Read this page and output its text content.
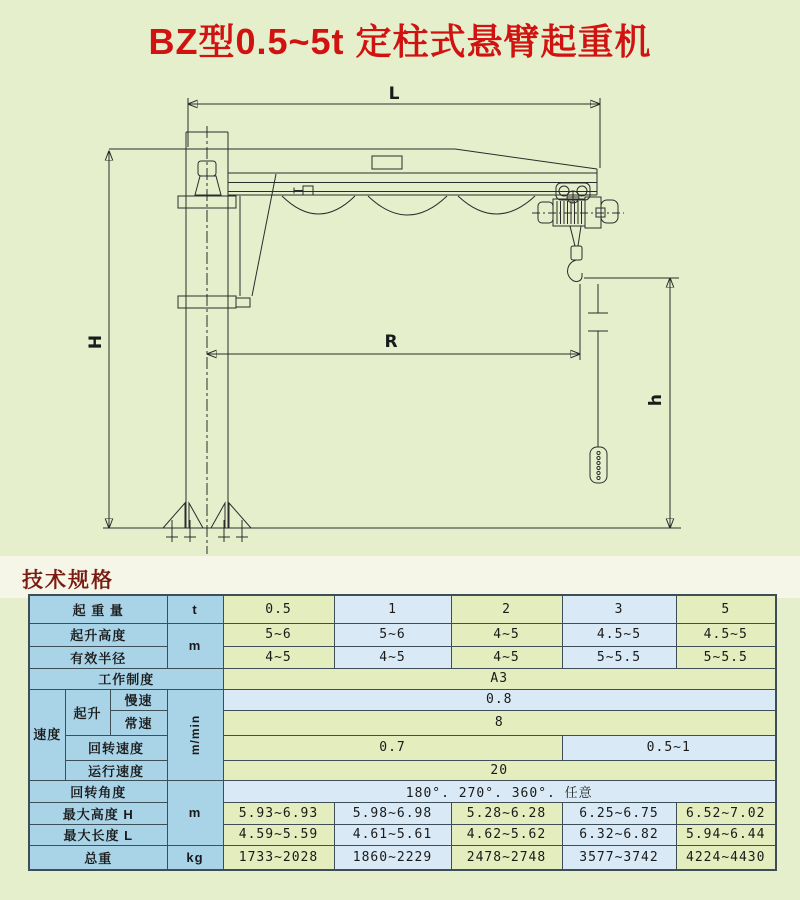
BZ型0.5~5t 定柱式悬臂起重机
L
H	R
h
技术规格
起 重 量			t	0.5	1	2	3	5
起升高度			m	5~6	5~6	4~5	4.5~5	4.5~5
有效半径				4~5	4~5	4~5	5~5.5	5~5.5
工作制度				A3				
速度	起升	慢速	m/min	0.8				
		常速		8				
	回转速度			0.7			0.5~1	
	运行速度			20				
回转角度			m	180°. 270°. 360°. 任意				
最大高度 H				5.93~6.93	5.98~6.98	5.28~6.28	6.25~6.75	6.52~7.02
最大长度 L				4.59~5.59	4.61~5.61	4.62~5.62	6.32~6.82	5.94~6.44
总重			kg	1733~2028	1860~2229	2478~2748	3577~3742	4224~4430
